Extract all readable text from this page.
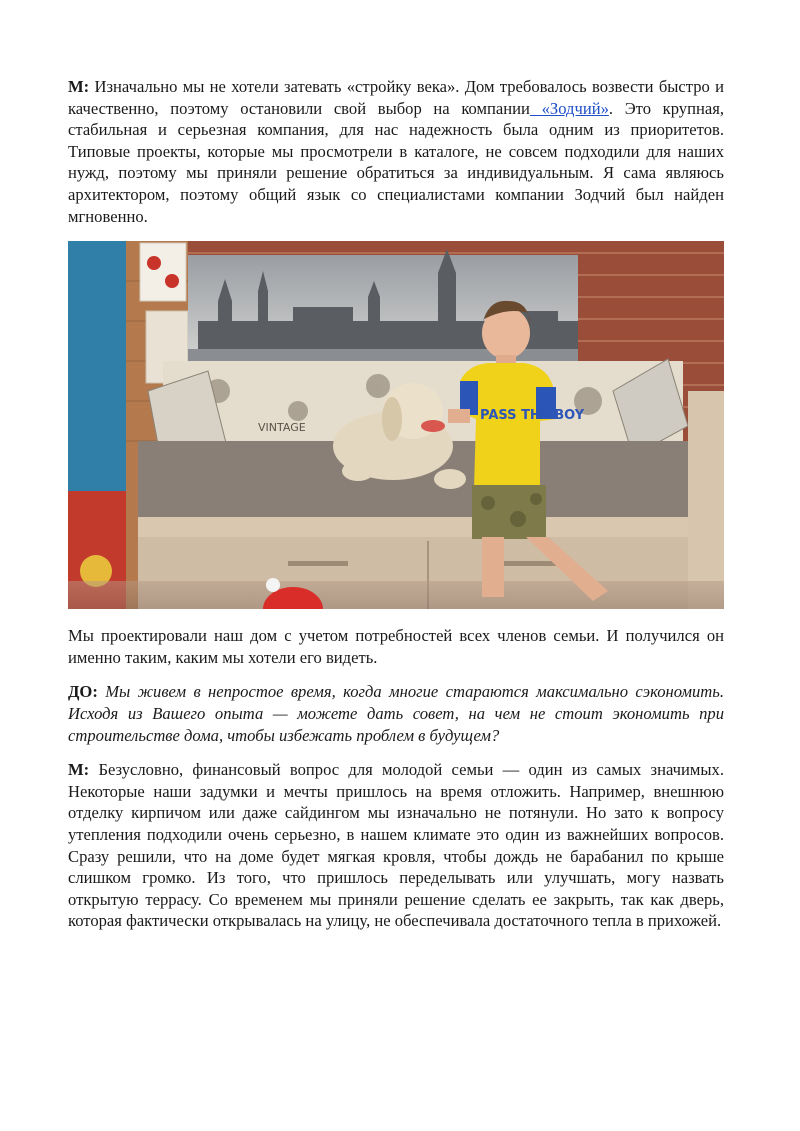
М: Изначально мы не хотели затевать «стройку века». Дом требовалось возвести быстро и качественно, поэтому остановили свой выбор на компании «Зодчий». Это крупная, стабильная и серьезная компания, для нас надежность была одним из приоритетов. Типовые проекты, которые мы просмотрели в каталоге, не совсем подходили для наших нужд, поэтому мы приняли решение обратиться за индивидуальным. Я сама являюсь архитектором, поэтому общий язык со специалистами компании Зодчий был найден мгновенно.

VINTAGE
PASS THE BOY

Мы проектировали наш дом с учетом потребностей всех членов семьи. И получился он именно таким, каким мы хотели его видеть.

ДО: Мы живем в непростое время, когда многие стараются максимально сэкономить. Исходя из Вашего опыта — можете дать совет, на чем не стоит экономить при строительстве дома, чтобы избежать проблем в будущем?

М: Безусловно, финансовый вопрос для молодой семьи — один из самых значимых. Некоторые наши задумки и мечты пришлось на время отложить. Например, внешнюю отделку кирпичом или даже сайдингом мы изначально не потянули. Но зато к вопросу утепления подходили очень серьезно, в нашем климате это один из важнейших вопросов. Сразу решили, что на доме будет мягкая кровля, чтобы дождь не барабанил по крыше слишком громко. Из того, что пришлось переделывать или улучшать, могу назвать открытую террасу. Со временем мы приняли решение сделать ее закрыть, так как дверь, которая фактически открывалась на улицу, не обеспечивала достаточного тепла в прихожей.
